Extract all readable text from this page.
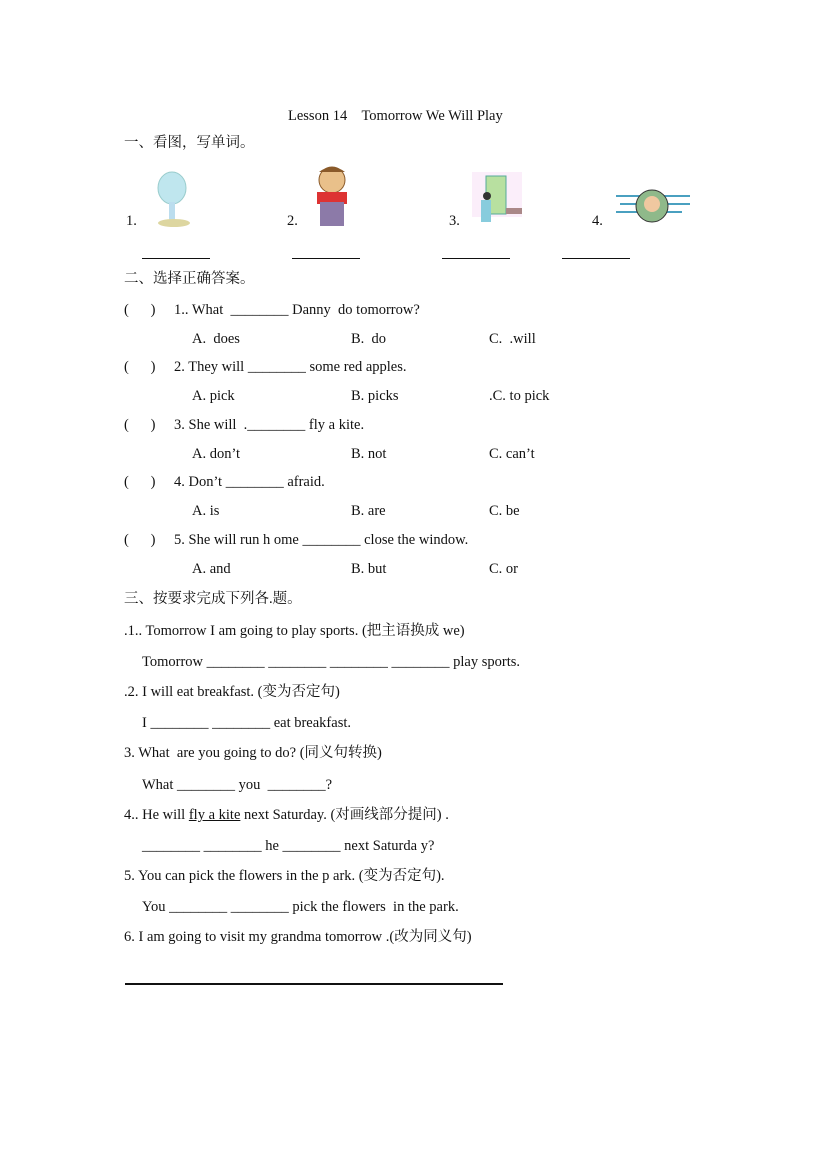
Lesson 14    Tomorrow We Will Play
一、看图，写单词。
1.	2.	3.	4.
二、选择正确答案。
(      ) 1.. What  ________ Danny  do tomorrow?
A.  does	B.  do	C.  .will
(      ) 2. They will ________ some red apples.
A. pick	B. picks	.C. to pick
(      ) 3. She will  .________ fly a kite.
A. don’t	B. not	C. can’t
(      ) 4. Don’t ________ afraid.
A. is	B. are	C. be
(      ) 5. She will run h ome ________ close the window.
A. and	B. but	C. or
三、按要求完成下列各.题。
.1.. Tomorrow I am going to play sports. (把主语换成 we)
Tomorrow ________ ________ ________ ________ play sports.
.2. I will eat breakfast. (变为否定句)
I ________ ________ eat breakfast.
3. What  are you going to do? (同义句转换)
What ________ you  ________?
4.. He will fly a kite next Saturday. (对画线部分提问) .
________ ________ he ________ next Saturda y?
5. You can pick the flowers in the p ark. (变为否定句).
You ________ ________ pick the flowers  in the park.
6. I am going to visit my grandma tomorrow .(改为同义句)
